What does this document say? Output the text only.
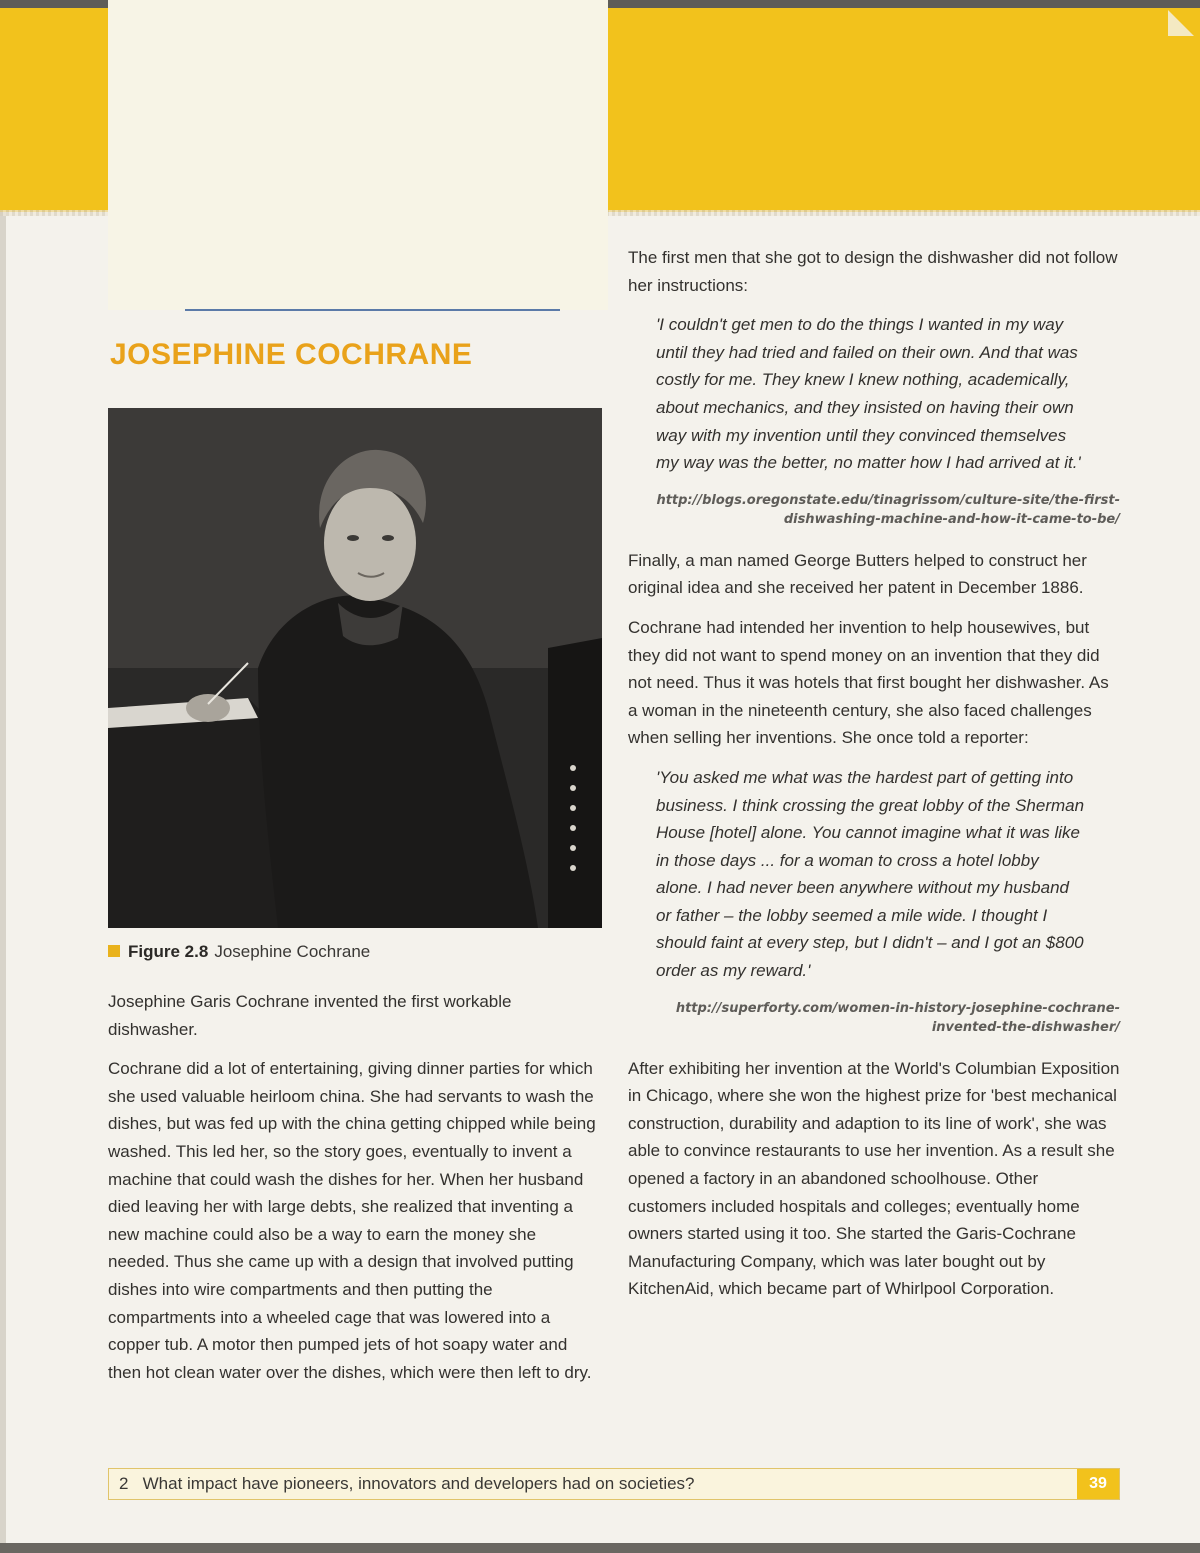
JOSEPHINE COCHRANE
Figure 2.8 Josephine Cochrane

Josephine Garis Cochrane invented the first workable dishwasher.

Cochrane did a lot of entertaining, giving dinner parties for which she used valuable heirloom china. She had servants to wash the dishes, but was fed up with the china getting chipped while being washed. This led her, so the story goes, eventually to invent a machine that could wash the dishes for her. When her husband died leaving her with large debts, she realized that inventing a new machine could also be a way to earn the money she needed. Thus she came up with a design that involved putting dishes into wire compartments and then putting the compartments into a wheeled cage that was lowered into a copper tub. A motor then pumped jets of hot soapy water and then hot clean water over the dishes, which were then left to dry.

The first men that she got to design the dishwasher did not follow her instructions:

'I couldn't get men to do the things I wanted in my way until they had tried and failed on their own. And that was costly for me. They knew I knew nothing, academically, about mechanics, and they insisted on having their own way with my invention until they convinced themselves my way was the better, no matter how I had arrived at it.'

http://blogs.oregonstate.edu/tinagrissom/culture-site/the-first-dishwashing-machine-and-how-it-came-to-be/

Finally, a man named George Butters helped to construct her original idea and she received her patent in December 1886.

Cochrane had intended her invention to help housewives, but they did not want to spend money on an invention that they did not need. Thus it was hotels that first bought her dishwasher. As a woman in the nineteenth century, she also faced challenges when selling her inventions. She once told a reporter:

'You asked me what was the hardest part of getting into business. I think crossing the great lobby of the Sherman House [hotel] alone. You cannot imagine what it was like in those days ... for a woman to cross a hotel lobby alone. I had never been anywhere without my husband or father – the lobby seemed a mile wide. I thought I should faint at every step, but I didn't – and I got an $800 order as my reward.'

http://superforty.com/women-in-history-josephine-cochrane-invented-the-dishwasher/

After exhibiting her invention at the World's Columbian Exposition in Chicago, where she won the highest prize for 'best mechanical construction, durability and adaption to its line of work', she was able to convince restaurants to use her invention. As a result she opened a factory in an abandoned schoolhouse. Other customers included hospitals and colleges; eventually home owners started using it too. She started the Garis-Cochrane Manufacturing Company, which was later bought out by KitchenAid, which became part of Whirlpool Corporation.

2   What impact have pioneers, innovators and developers had on societies?	39
